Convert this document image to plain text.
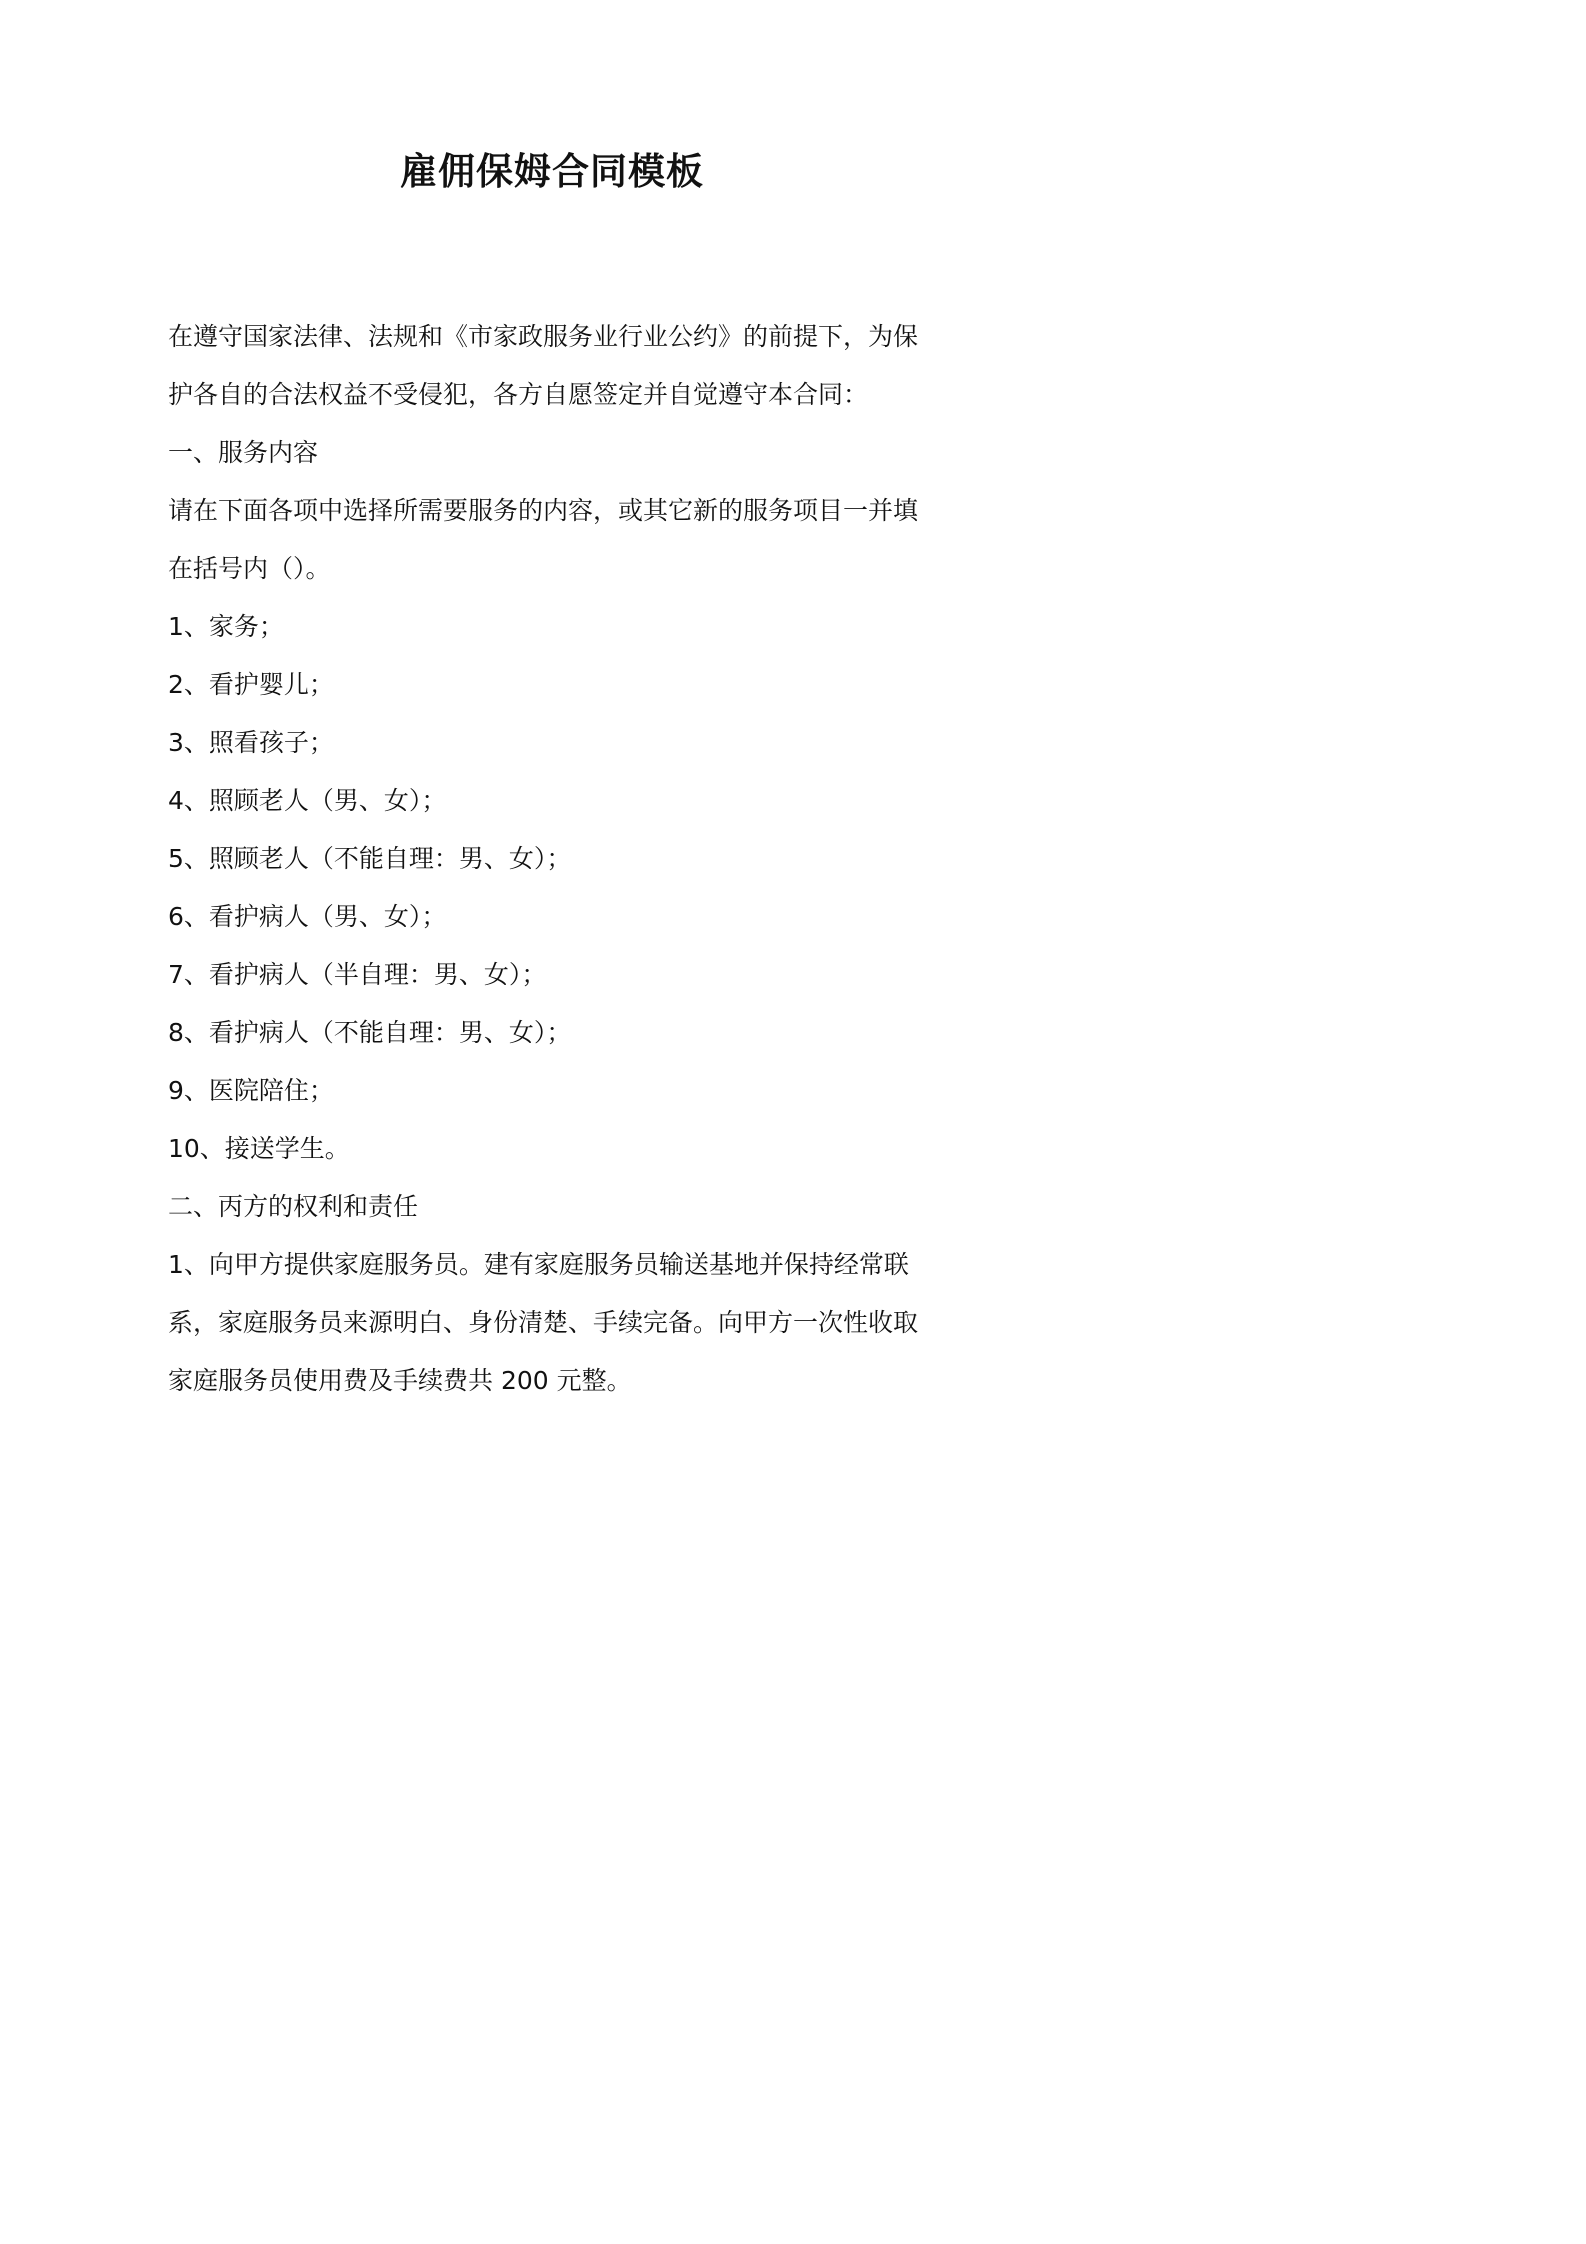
雇佣保姆合同模板

在遵守国家法律、法规和《市家政服务业行业公约》的前提下，为保

护各自的合法权益不受侵犯，各方自愿签定并自觉遵守本合同：

一、服务内容

请在下面各项中选择所需要服务的内容，或其它新的服务项目一并填

在括号内（）。

1、家务；

2、看护婴儿；

3、照看孩子；

4、照顾老人（男、女）；

5、照顾老人（不能自理：男、女）；

6、看护病人（男、女）；

7、看护病人（半自理：男、女）；

8、看护病人（不能自理：男、女）；

9、医院陪住；

10、接送学生。

二、丙方的权利和责任

1、向甲方提供家庭服务员。建有家庭服务员输送基地并保持经常联

系，家庭服务员来源明白、身份清楚、手续完备。向甲方一次性收取

家庭服务员使用费及手续费共 200 元整。
